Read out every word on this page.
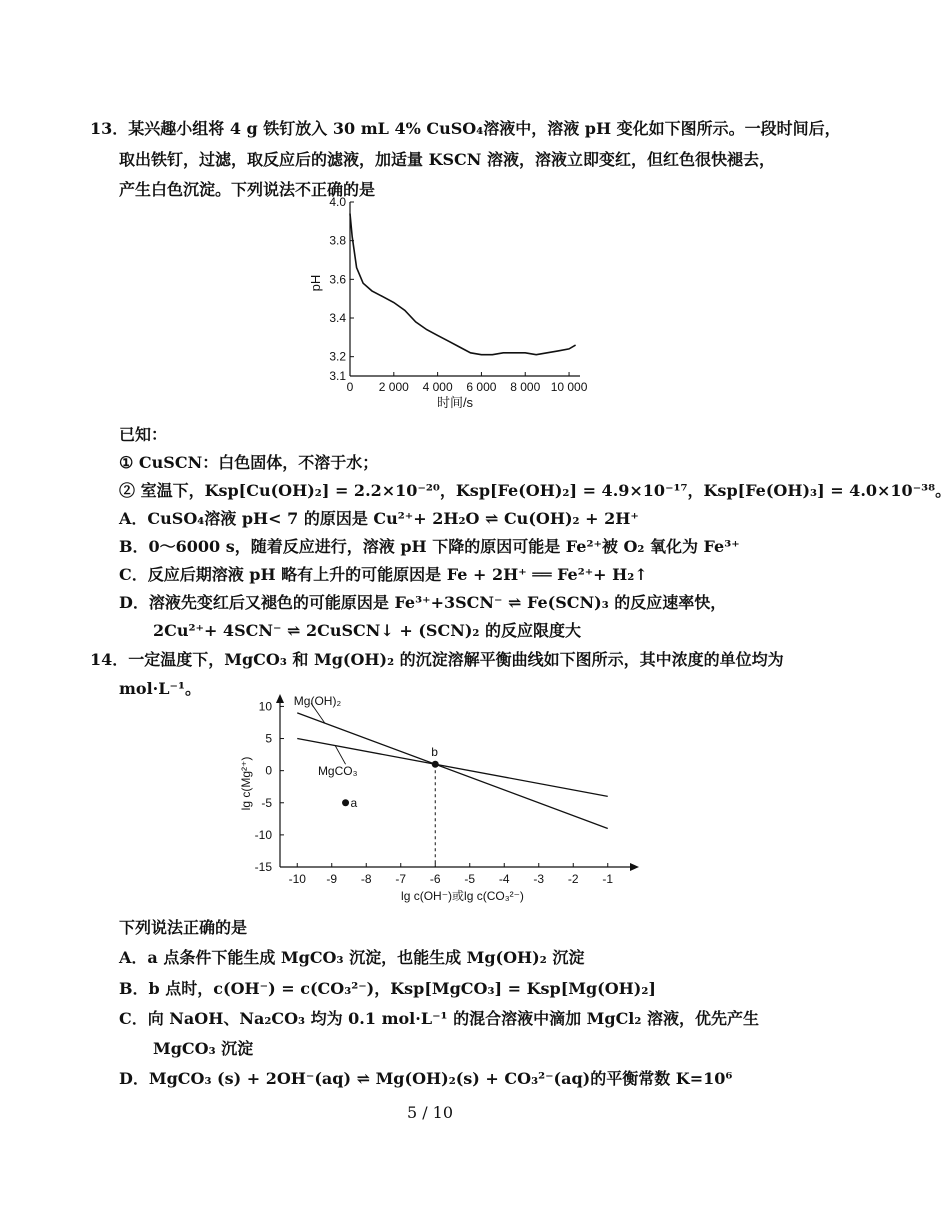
13．某兴趣小组将 4 g 铁钉放入 30 mL 4% CuSO₄溶液中，溶液 pH 变化如下图所示。一段时间后，
取出铁钉，过滤，取反应后的滤液，加适量 KSCN 溶液，溶液立即变红，但红色很快褪去，
产生白色沉淀。下列说法不正确的是
3.1
3.2
3.4
3.6
3.8
4.0
0 2 000 4 000 6 000 8 000 10 000
时间/s
pH
已知：
① CuSCN：白色固体，不溶于水；
② 室温下，Ksp[Cu(OH)₂] = 2.2×10⁻²⁰，Ksp[Fe(OH)₂] = 4.9×10⁻¹⁷，Ksp[Fe(OH)₃] = 4.0×10⁻³⁸。
A．CuSO₄溶液 pH< 7 的原因是 Cu²⁺+ 2H₂O ⇌ Cu(OH)₂ + 2H⁺
B．0～6000 s，随着反应进行，溶液 pH 下降的原因可能是 Fe²⁺被 O₂ 氧化为 Fe³⁺
C．反应后期溶液 pH 略有上升的可能原因是 Fe + 2H⁺ ══ Fe²⁺+ H₂↑
D．溶液先变红后又褪色的可能原因是 Fe³⁺+3SCN⁻ ⇌ Fe(SCN)₃ 的反应速率快，
2Cu²⁺+ 4SCN⁻ ⇌ 2CuSCN↓ + (SCN)₂ 的反应限度大
14．一定温度下，MgCO₃ 和 Mg(OH)₂ 的沉淀溶解平衡曲线如下图所示，其中浓度的单位均为
mol·L⁻¹。
10
5
0
-5
-10
-15
-10 -9 -8 -7 -6 -5 -4 -3 -2 -1
lg c(OH⁻)或lg c(CO₃²⁻)
lg c(Mg²⁺)
Mg(OH)₂
MgCO₃
a
b
下列说法正确的是
A．a 点条件下能生成 MgCO₃ 沉淀，也能生成 Mg(OH)₂ 沉淀
B．b 点时，c(OH⁻) = c(CO₃²⁻)，Ksp[MgCO₃] = Ksp[Mg(OH)₂]
C．向 NaOH、Na₂CO₃ 均为 0.1 mol·L⁻¹ 的混合溶液中滴加 MgCl₂ 溶液，优先产生
MgCO₃ 沉淀
D．MgCO₃ (s) + 2OH⁻(aq) ⇌ Mg(OH)₂(s) + CO₃²⁻(aq)的平衡常数 K=10⁶
5 / 10
